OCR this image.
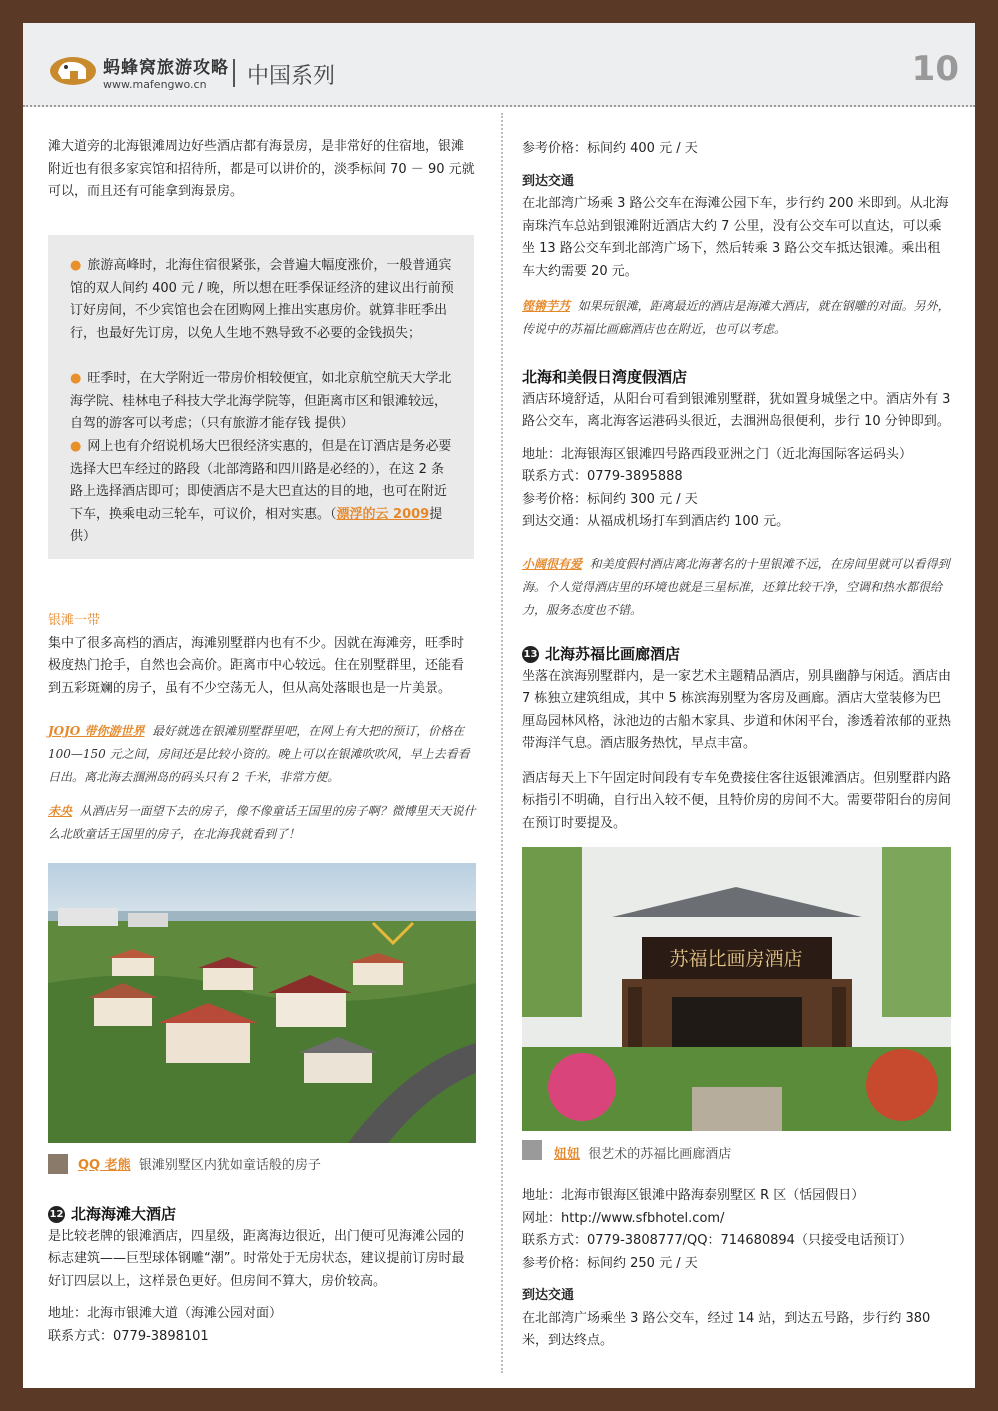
蚂蜂窝旅游攻略
www.mafengwo.cn 中国系列	10

滩大道旁的北海银滩周边好些酒店都有海景房，是非常好的住宿地，银滩附近也有很多家宾馆和招待所，都是可以讲价的，淡季标间 70 － 90 元就可以，而且还有可能拿到海景房。

● 旅游高峰时，北海住宿很紧张，会普遍大幅度涨价，一般普通宾馆的双人间约 400 元 / 晚，所以想在旺季保证经济的建议出行前预订好房间，不少宾馆也会在团购网上推出实惠房价。就算非旺季出行，也最好先订房，以免人生地不熟导致不必要的金钱损失；
● 旺季时，在大学附近一带房价相较便宜，如北京航空航天大学北海学院、桂林电子科技大学北海学院等，但距离市区和银滩较远，自驾的游客可以考虑；（只有旅游才能存钱 提供）
● 网上也有介绍说机场大巴很经济实惠的，但是在订酒店是务必要选择大巴车经过的路段（北部湾路和四川路是必经的），在这 2 条路上选择酒店即可；即使酒店不是大巴直达的目的地，也可在附近下车，换乘电动三轮车，可议价，相对实惠。（漂浮的云 2009提供）

银滩一带

集中了很多高档的酒店，海滩别墅群内也有不少。因就在海滩旁，旺季时极度热门抢手，自然也会高价。距离市中心较远。住在别墅群里，还能看到五彩斑斓的房子，虽有不少空荡无人，但从高处落眼也是一片美景。

JOJO 带你游世界 最好就选在银滩别墅群里吧，在网上有大把的预订，价格在 100—150 元之间，房间还是比较小资的。晚上可以在银滩吹吹风，早上去看看日出。离北海去涠洲岛的码头只有 2 千米，非常方便。

未央 从酒店另一面望下去的房子，像不像童话王国里的房子啊？微博里天天说什么北欧童话王国里的房子，在北海我就看到了！

QQ 老熊 银滩别墅区内犹如童话般的房子

12 北海海滩大酒店

是比较老牌的银滩酒店，四星级，距离海边很近，出门便可见海滩公园的标志建筑——巨型球体钢雕“潮”。时常处于无房状态，建议提前订房时最好订四层以上，这样景色更好。但房间不算大，房价较高。

地址：北海市银滩大道（海滩公园对面）

联系方式：0779-3898101

参考价格：标间约 400 元 / 天

到达交通

在北部湾广场乘 3 路公交车在海滩公园下车，步行约 200 米即到。从北海南珠汽车总站到银滩附近酒店大约 7 公里，没有公交车可以直达，可以乘坐 13 路公交车到北部湾广场下，然后转乘 3 路公交车抵达银滩。乘出租车大约需要 20 元。

铿锵芋艿 如果玩银滩，距离最近的酒店是海滩大酒店，就在钢雕的对面。另外，传说中的苏福比画廊酒店也在附近，也可以考虑。

北海和美假日湾度假酒店

酒店环境舒适，从阳台可看到银滩别墅群，犹如置身城堡之中。酒店外有 3 路公交车，离北海客运港码头很近，去涠洲岛很便利，步行 10 分钟即到。

地址：北海银海区银滩四号路西段亚洲之门（近北海国际客运码头）

联系方式：0779-3895888

参考价格：标间约 300 元 / 天

到达交通：从福成机场打车到酒店约 100 元。

小阔很有爱 和美度假村酒店离北海著名的十里银滩不远，在房间里就可以看得到海。个人觉得酒店里的环境也就是三星标准，还算比较干净，空调和热水都很给力，服务态度也不错。

13 北海苏福比画廊酒店

坐落在滨海别墅群内，是一家艺术主题精品酒店，别具幽静与闲适。酒店由 7 栋独立建筑组成，其中 5 栋滨海别墅为客房及画廊。酒店大堂装修为巴厘岛园林风格，泳池边的古船木家具、步道和休闲平台，渗透着浓郁的亚热带海洋气息。酒店服务热忱，早点丰富。

酒店每天上下午固定时间段有专车免费接住客往返银滩酒店。但别墅群内路标指引不明确，自行出入较不便，且特价房的房间不大。需要带阳台的房间在预订时要提及。

苏福比画房酒店
妞妞 很艺术的苏福比画廊酒店

地址：北海市银海区银滩中路海泰别墅区 R 区（恬园假日）

网址：http://www.sfbhotel.com/

联系方式：0779-3808777/QQ：714680894（只接受电话预订）

参考价格：标间约 250 元 / 天

到达交通

在北部湾广场乘坐 3 路公交车，经过 14 站，到达五号路，步行约 380 米，到达终点。
